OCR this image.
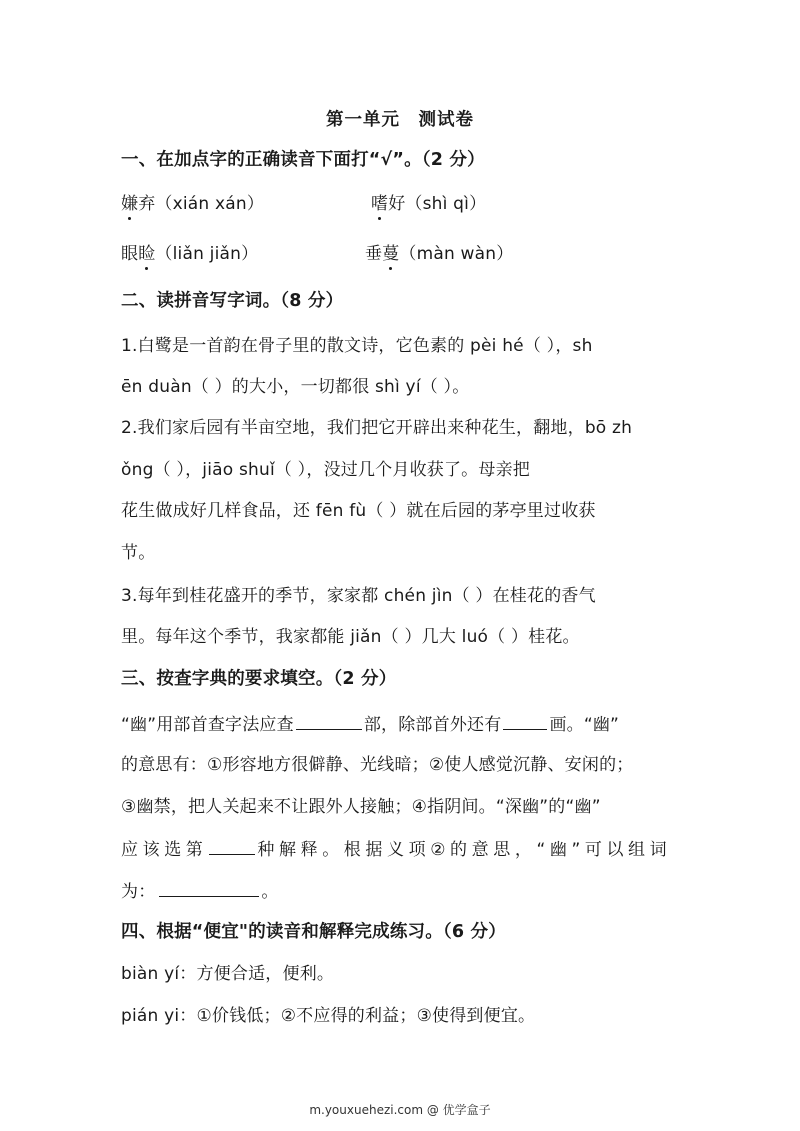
第一单元　测试卷
一、在加点字的正确读音下面打“√”。（2 分）
嫌弃（xián xán）	嗜好（shì qì）
眼睑（liǎn jiǎn）	垂蔓（màn wàn）
二、读拼音写字词。（8 分）
1.白鹭是一首韵在骨子里的散文诗，它色素的 pèi hé（ ），sh
ēn duàn（ ）的大小，一切都很 shì yí（ ）。
2.我们家后园有半亩空地，我们把它开辟出来种花生，翻地，bō zh
ǒng（ ），jiāo shuǐ（ ），没过几个月收获了。母亲把
花生做成好几样食品，还 fēn fù（ ）就在后园的茅亭里过收获
节。
3.每年到桂花盛开的季节，家家都 chén jìn（ ）在桂花的香气
里。每年这个季节，我家都能 jiǎn（ ）几大 luó（ ）桂花。
三、按查字典的要求填空。（2 分）
“幽”用部首查字法应查	部，除部首外还有	画。“幽”
的意思有：①形容地方很僻静、光线暗；②使人感觉沉静、安闲的；
③幽禁，把人关起来不让跟外人接触；④指阴间。“深幽”的“幽”
应该选第	种解释。根据义项②的意思，“幽”可以组词
为：	。
四、根据“便宜"的读音和解释完成练习。（6 分）
biàn yí：方便合适，便利。
pián yi：①价钱低；②不应得的利益；③使得到便宜。
m.youxuehezi.com @ 优学盒子
